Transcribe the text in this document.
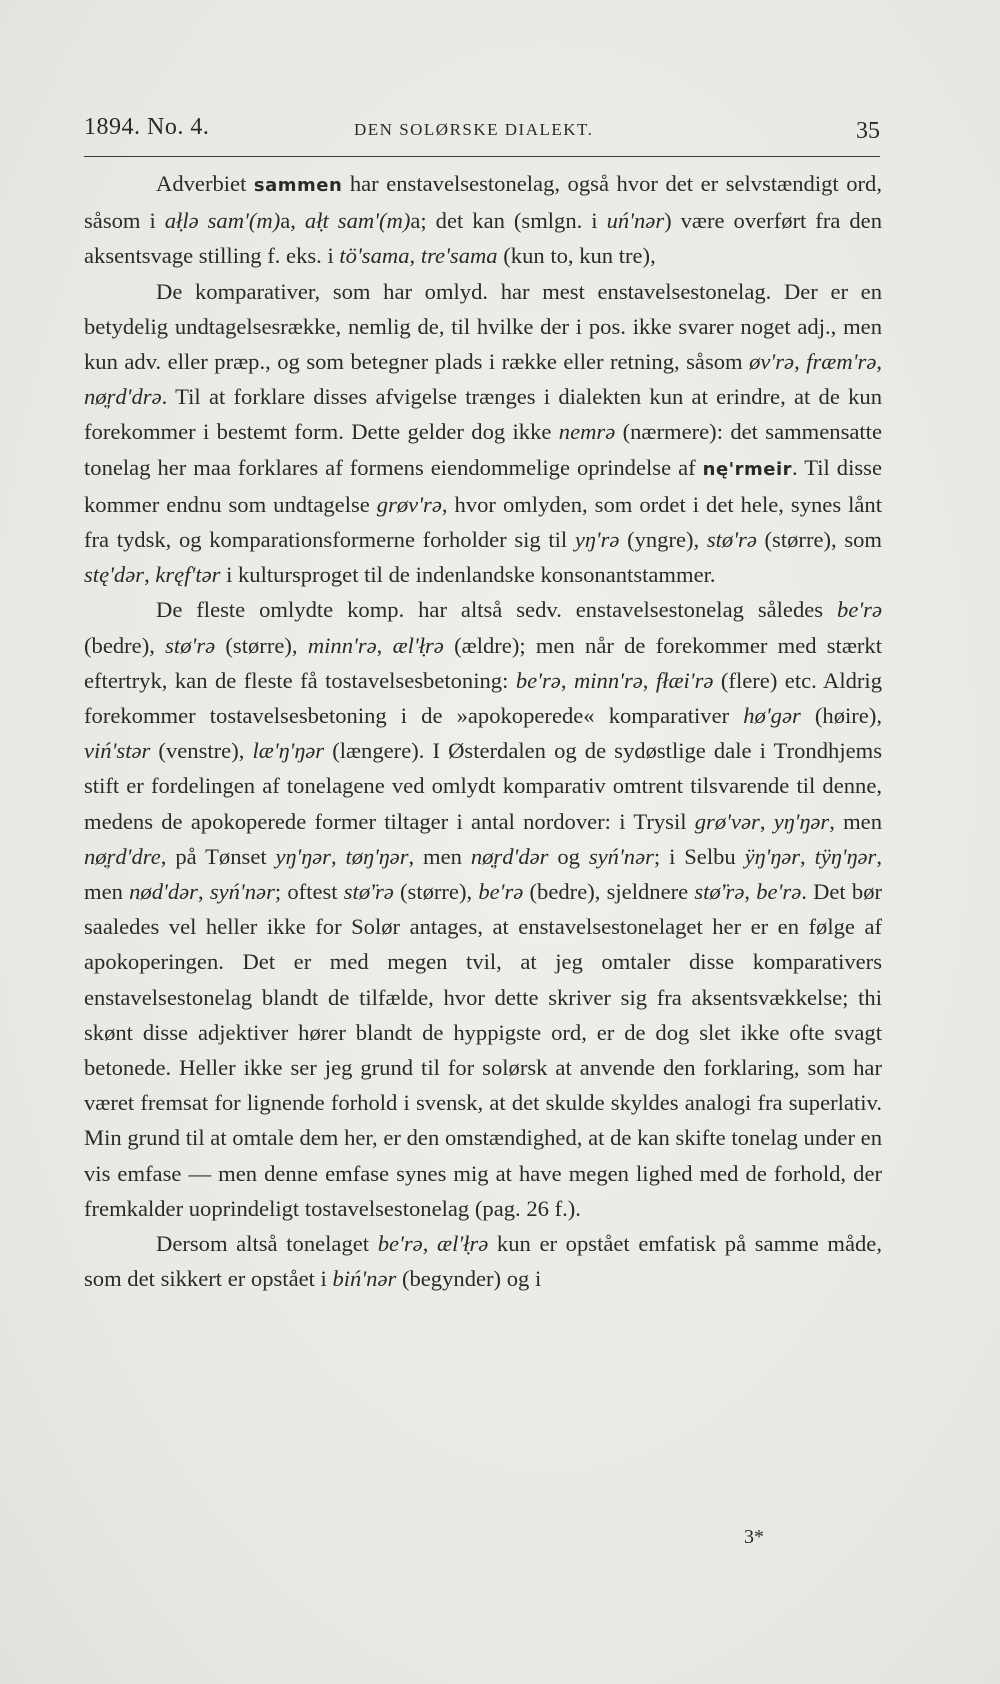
1894. No. 4.	DEN SOLØRSKE DIALEKT.	35

Adverbiet sammen har enstavelsestonelag, også hvor det er selvstændigt ord, såsom i ał̣lə sam'(m)a, ał̣t sam'(m)a; det kan (smlgn. i uń'nər) være overført fra den aksentsvage stilling f. eks. i tö'sama, tre'sama (kun to, kun tre),

De komparativer, som har omlyd. har mest enstavelsestonelag. Der er en betydelig undtagelsesrække, nemlig de, til hvilke der i pos. ikke svarer noget adj., men kun adv. eller præp., og som betegner plads i række eller retning, såsom øv'rə, fræm'rə, nø̣ŗd'drə. Til at forklare disses afvigelse trænges i dialekten kun at erindre, at de kun forekommer i bestemt form. Dette gelder dog ikke nemrə (nærmere): det sammensatte tonelag her maa forklares af formens eiendommelige oprindelse af nę'rmeir. Til disse kommer endnu som undtagelse grøv'rə, hvor omlyden, som ordet i det hele, synes lånt fra tydsk, og komparationsformerne forholder sig til yŋ'rə (yngre), stø'rə (større), som stę'dər, kręf'tər i kultursproget til de indenlandske konsonantstammer.

De fleste omlydte komp. har altså sedv. enstavelsestonelag således be'rə (bedre), stø'rə (større), minn'rə, æl'ł̣rə (ældre); men når de forekommer med stærkt eftertryk, kan de fleste få tostavelsesbetoning: be'rə, minn'rə, fłæi'rə (flere) etc. Aldrig forekommer tostavelsesbetoning i de »apokoperede« komparativer hø'gər (høire), viń'stər (venstre), læ'ŋ'ŋər (længere). I Østerdalen og de sydøstlige dale i Trondhjems stift er fordelingen af tonelagene ved omlydt komparativ omtrent tilsvarende til denne, medens de apokoperede former tiltager i antal nordover: i Trysil grø'vər, yŋ'ŋər, men nø̣ŗd'dre, på Tønset yŋ'ŋər, tøŋ'ŋər, men nø̣ŗd'dər og syń'nər; i Selbu ÿŋ'ŋər, tÿŋ'ŋər, men nød'dər, syń'nər; oftest stø̈'rə (større), be'rə (bedre), sjeldnere stø̈'rə, be'rə. Det bør saaledes vel heller ikke for Solør antages, at enstavelsestonelaget her er en følge af apokoperingen. Det er med megen tvil, at jeg omtaler disse komparativers enstavelsestonelag blandt de tilfælde, hvor dette skriver sig fra aksentsvækkelse; thi skønt disse adjektiver hører blandt de hyppigste ord, er de dog slet ikke ofte svagt betonede. Heller ikke ser jeg grund til for solørsk at anvende den forklaring, som har været fremsat for lignende forhold i svensk, at det skulde skyldes analogi fra superlativ. Min grund til at omtale dem her, er den omstændighed, at de kan skifte tonelag under en vis emfase — men denne emfase synes mig at have megen lighed med de forhold, der fremkalder uoprindeligt tostavelsestonelag (pag. 26 f.).

Dersom altså tonelaget be'rə, æl'ł̣rə kun er opstået emfatisk på samme måde, som det sikkert er opstået i biń'nər (begynder) og i

3*
